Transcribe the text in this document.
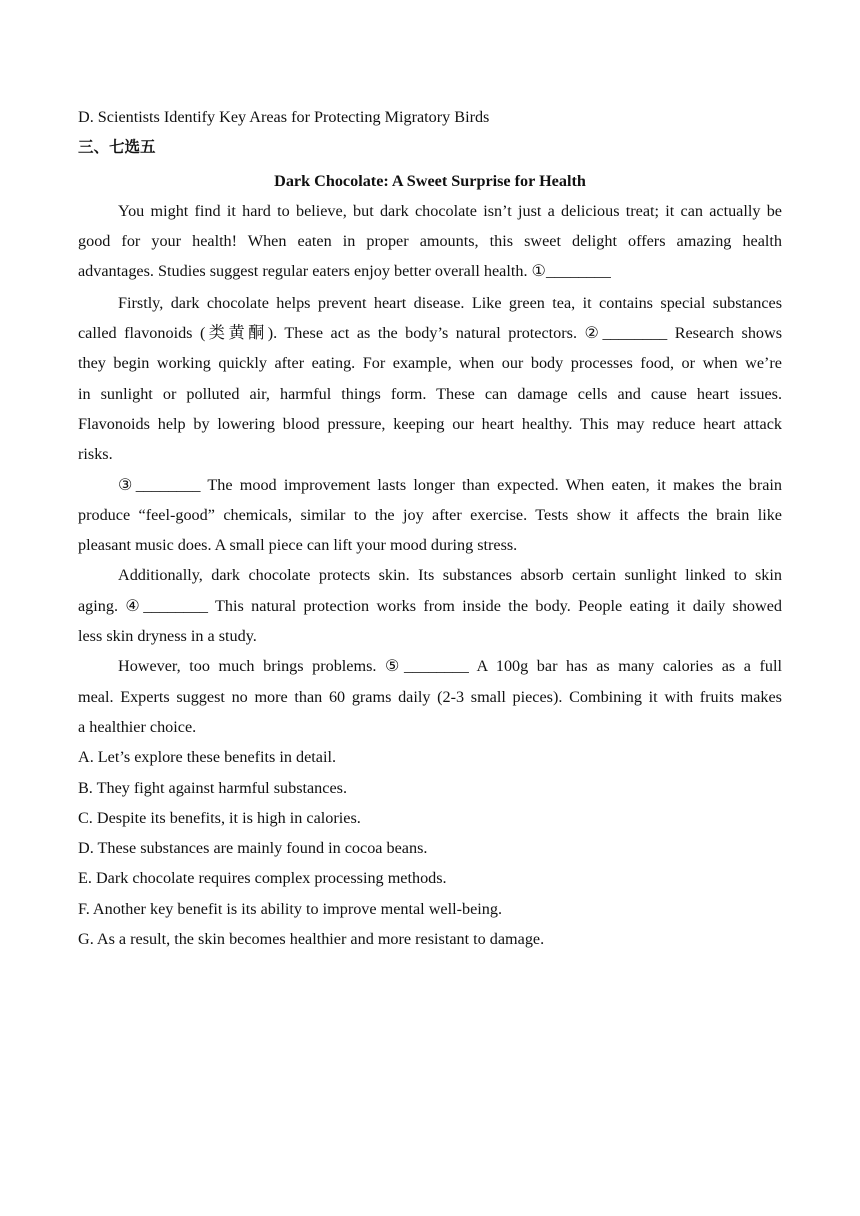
D. Scientists Identify Key Areas for Protecting Migratory Birds
三、七选五
Dark Chocolate: A Sweet Surprise for Health
You might find it hard to believe, but dark chocolate isn’t just a delicious treat; it can actually be
good for your health! When eaten in proper amounts, this sweet delight offers amazing health
advantages. Studies suggest regular eaters enjoy better overall health. ①________
Firstly, dark chocolate helps prevent heart disease. Like green tea, it contains special substances
called flavonoids (类黄酮). These act as the body’s natural protectors. ②________ Research shows
they begin working quickly after eating. For example, when our body processes food, or when we’re
in sunlight or polluted air, harmful things form. These can damage cells and cause heart issues.
Flavonoids help by lowering blood pressure, keeping our heart healthy. This may reduce heart attack
risks.
③________ The mood improvement lasts longer than expected. When eaten, it makes the brain
produce “feel-good” chemicals, similar to the joy after exercise. Tests show it affects the brain like
pleasant music does. A small piece can lift your mood during stress.
Additionally, dark chocolate protects skin. Its substances absorb certain sunlight linked to skin
aging. ④________ This natural protection works from inside the body. People eating it daily showed
less skin dryness in a study.
However, too much brings problems. ⑤________ A 100g bar has as many calories as a full
meal. Experts suggest no more than 60 grams daily (2-3 small pieces). Combining it with fruits makes
a healthier choice.
A. Let’s explore these benefits in detail.
B. They fight against harmful substances.
C. Despite its benefits, it is high in calories.
D. These substances are mainly found in cocoa beans.
E. Dark chocolate requires complex processing methods.
F. Another key benefit is its ability to improve mental well-being.
G. As a result, the skin becomes healthier and more resistant to damage.
